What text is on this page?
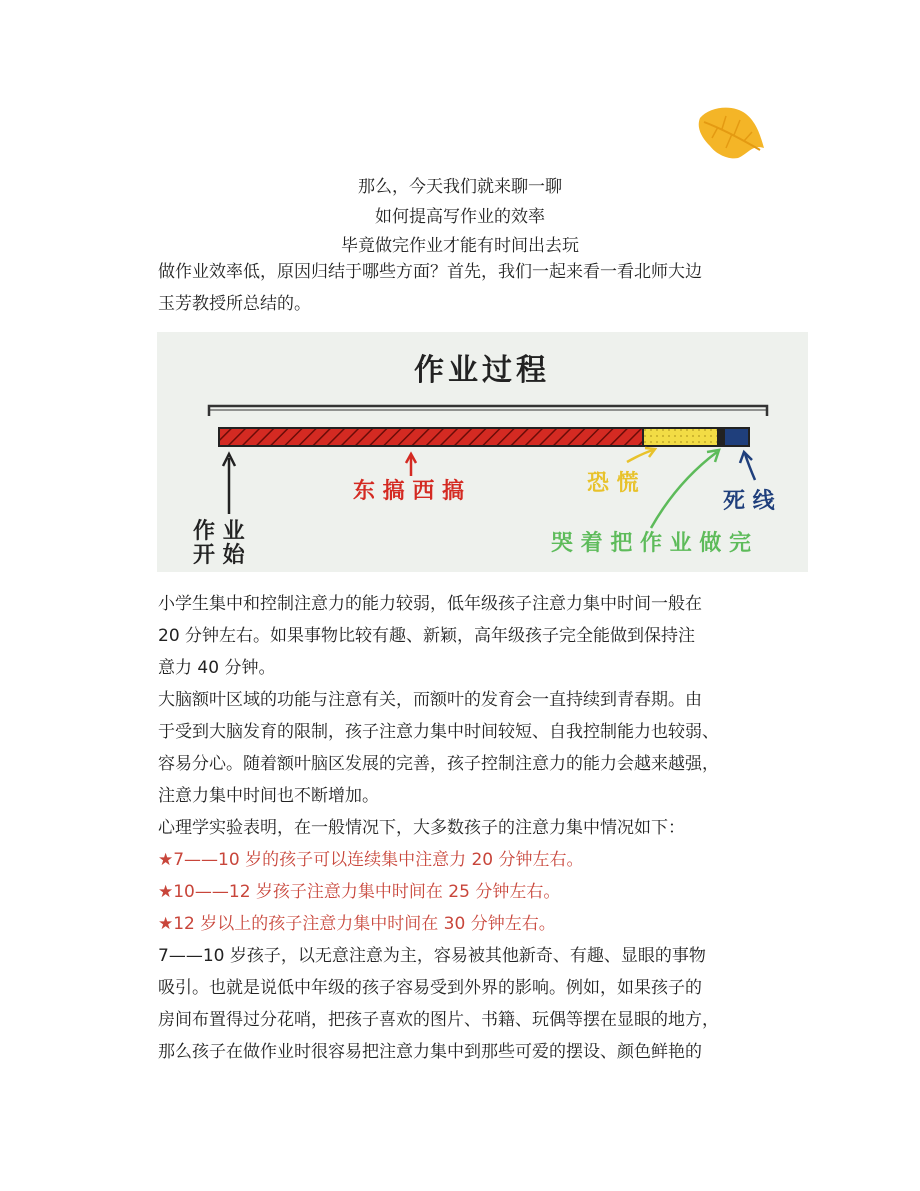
那么，今天我们就来聊一聊
如何提高写作业的效率
毕竟做完作业才能有时间出去玩
做作业效率低，原因归结于哪些方面？首先，我们一起来看一看北师大边
玉芳教授所总结的。
作业过程
作 业
开 始
东 搞 西 搞	恐 慌
哭 着 把 作 业 做 完
死 线
小学生集中和控制注意力的能力较弱，低年级孩子注意力集中时间一般在
20 分钟左右。如果事物比较有趣、新颖，高年级孩子完全能做到保持注
意力 40 分钟。
大脑额叶区域的功能与注意有关，而额叶的发育会一直持续到青春期。由
于受到大脑发育的限制，孩子注意力集中时间较短、自我控制能力也较弱、
容易分心。随着额叶脑区发展的完善，孩子控制注意力的能力会越来越强，
注意力集中时间也不断增加。
心理学实验表明，在一般情况下，大多数孩子的注意力集中情况如下：
★7——10 岁的孩子可以连续集中注意力 20 分钟左右。
★10——12 岁孩子注意力集中时间在 25 分钟左右。
★12 岁以上的孩子注意力集中时间在 30 分钟左右。
7——10 岁孩子，以无意注意为主，容易被其他新奇、有趣、显眼的事物
吸引。也就是说低中年级的孩子容易受到外界的影响。例如，如果孩子的
房间布置得过分花哨，把孩子喜欢的图片、书籍、玩偶等摆在显眼的地方，
那么孩子在做作业时很容易把注意力集中到那些可爱的摆设、颜色鲜艳的
